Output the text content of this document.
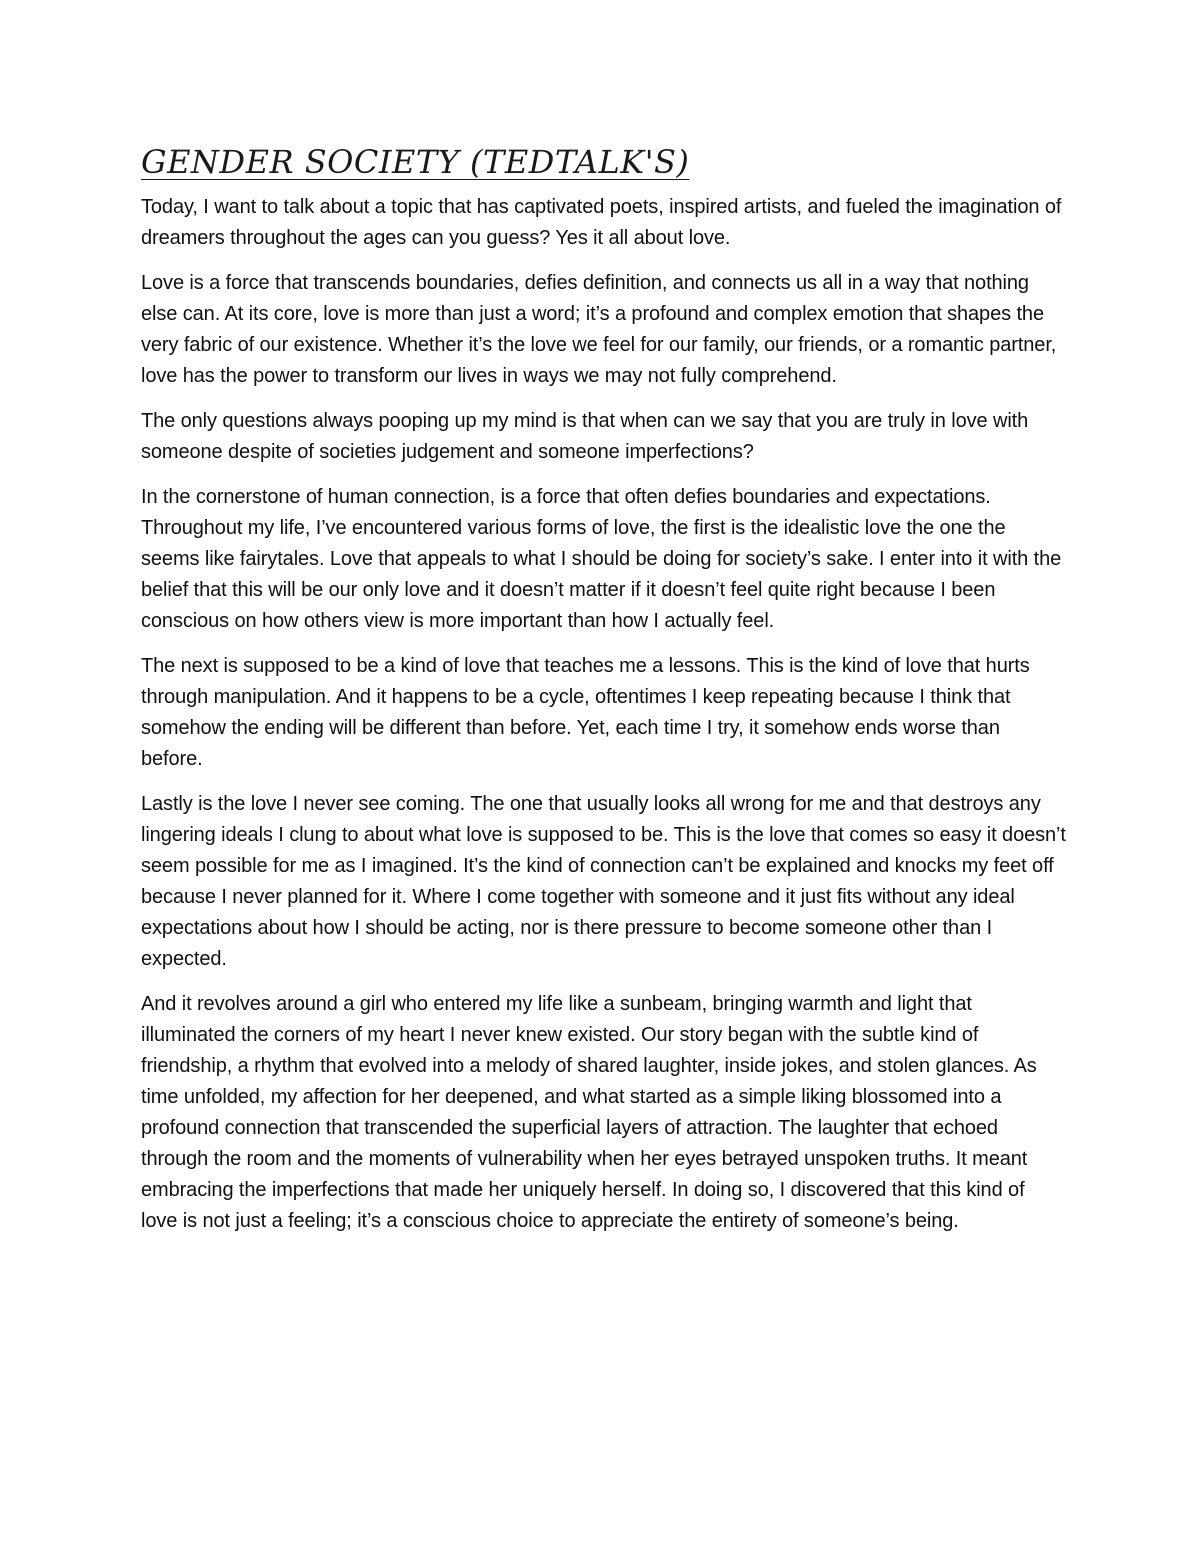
GENDER SOCIETY (TEDTALK'S)

Today, I want to talk about a topic that has captivated poets, inspired artists, and fueled the imagination of dreamers throughout the ages can you guess? Yes it all about love.

Love is a force that transcends boundaries, defies definition, and connects us all in a way that nothing else can. At its core, love is more than just a word; it’s a profound and complex emotion that shapes the very fabric of our existence. Whether it’s the love we feel for our family, our friends, or a romantic partner, love has the power to transform our lives in ways we may not fully comprehend.

The only questions always pooping up my mind is that when can we say that you are truly in love with someone despite of societies judgement and someone imperfections?

In the cornerstone of human connection, is a force that often defies boundaries and expectations. Throughout my life, I’ve encountered various forms of love, the first is the idealistic love the one the seems like fairytales. Love that appeals to what I should be doing for society’s sake. I enter into it with the belief that this will be our only love and it doesn’t matter if it doesn’t feel quite right because I been conscious on how others view is more important than how I actually feel.

The next is supposed to be a kind of love that teaches me a lessons. This is the kind of love that hurts through manipulation. And it happens to be a cycle, oftentimes I keep repeating because I think that somehow the ending will be different than before. Yet, each time I try, it somehow ends worse than before.

Lastly is the love I never see coming. The one that usually looks all wrong for me and that destroys any lingering ideals I clung to about what love is supposed to be. This is the love that comes so easy it doesn’t seem possible for me as I imagined. It’s the kind of connection can’t be explained and knocks my feet off because I never planned for it. Where I come together with someone and it just fits without any ideal expectations about how I should be acting, nor is there pressure to become someone other than I expected.

And it revolves around a girl who entered my life like a sunbeam, bringing warmth and light that illuminated the corners of my heart I never knew existed. Our story began with the subtle kind of friendship, a rhythm that evolved into a melody of shared laughter, inside jokes, and stolen glances. As time unfolded, my affection for her deepened, and what started as a simple liking blossomed into a profound connection that transcended the superficial layers of attraction. The laughter that echoed through the room and the moments of vulnerability when her eyes betrayed unspoken truths. It meant embracing the imperfections that made her uniquely herself. In doing so, I discovered that this kind of love is not just a feeling; it’s a conscious choice to appreciate the entirety of someone’s being.
